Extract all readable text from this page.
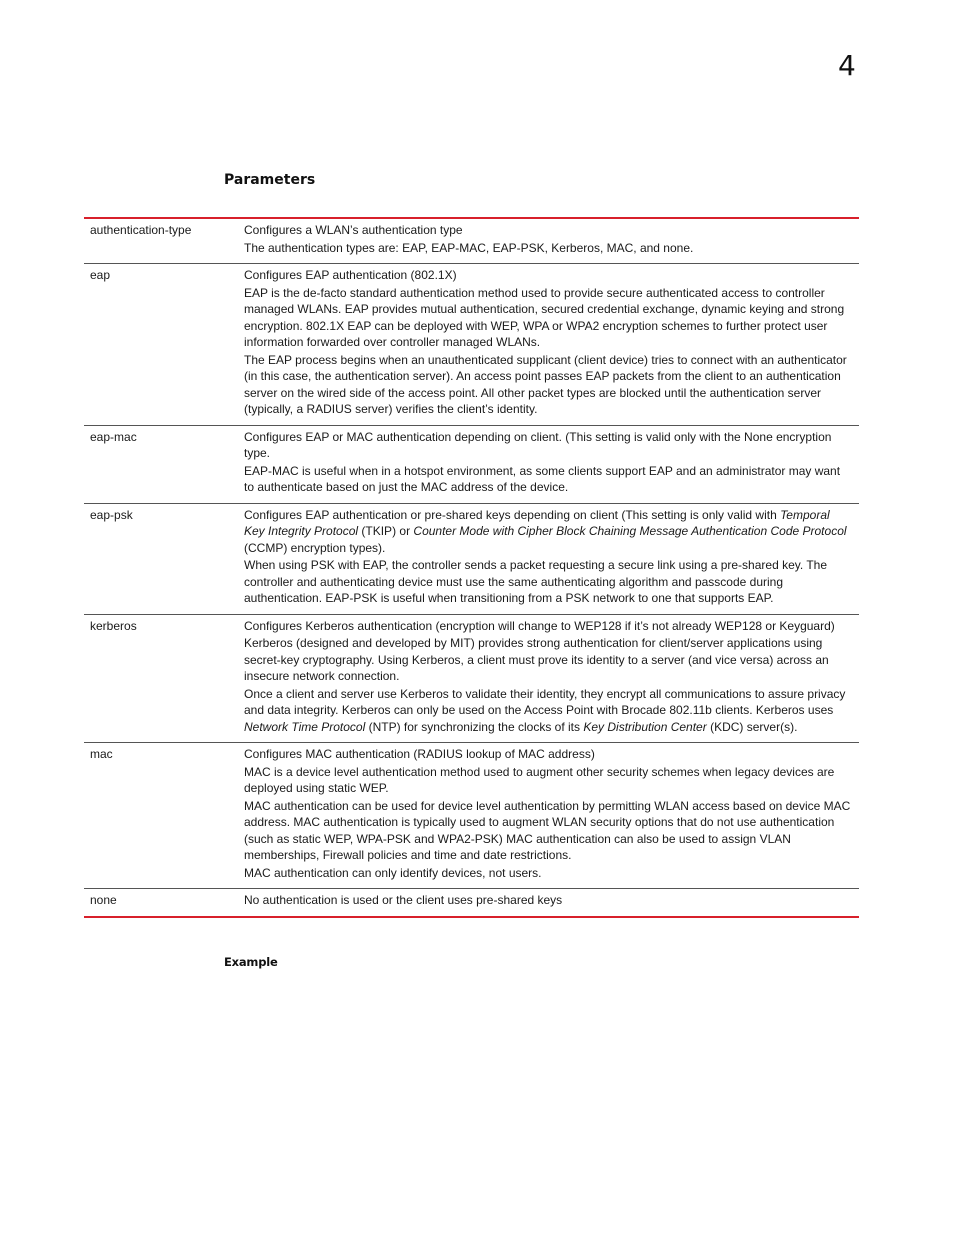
4
Parameters
authentication-type	Configures a WLAN’s authentication type

The authentication types are: EAP, EAP-MAC, EAP-PSK, Kerberos, MAC, and none.

eap	Configures EAP authentication (802.1X)

EAP is the de-facto standard authentication method used to provide secure authenticated access to controller managed WLANs. EAP provides mutual authentication, secured credential exchange, dynamic keying and strong encryption. 802.1X EAP can be deployed with WEP, WPA or WPA2 encryption schemes to further protect user information forwarded over controller managed WLANs.

The EAP process begins when an unauthenticated supplicant (client device) tries to connect with an authenticator (in this case, the authentication server). An access point passes EAP packets from the client to an authentication server on the wired side of the access point. All other packet types are blocked until the authentication server (typically, a RADIUS server) verifies the client’s identity.

eap-mac	Configures EAP or MAC authentication depending on client. (This setting is valid only with the None encryption type.

EAP-MAC is useful when in a hotspot environment, as some clients support EAP and an administrator may want to authenticate based on just the MAC address of the device.

eap-psk	Configures EAP authentication or pre-shared keys depending on client (This setting is only valid with Temporal Key Integrity Protocol (TKIP) or Counter Mode with Cipher Block Chaining Message Authentication Code Protocol (CCMP) encryption types).

When using PSK with EAP, the controller sends a packet requesting a secure link using a pre-shared key. The controller and authenticating device must use the same authenticating algorithm and passcode during authentication. EAP-PSK is useful when transitioning from a PSK network to one that supports EAP.

kerberos	Configures Kerberos authentication (encryption will change to WEP128 if it’s not already WEP128 or Keyguard)

Kerberos (designed and developed by MIT) provides strong authentication for client/server applications using secret-key cryptography. Using Kerberos, a client must prove its identity to a server (and vice versa) across an insecure network connection.

Once a client and server use Kerberos to validate their identity, they encrypt all communications to assure privacy and data integrity. Kerberos can only be used on the Access Point with Brocade 802.11b clients. Kerberos uses Network Time Protocol (NTP) for synchronizing the clocks of its Key Distribution Center (KDC) server(s).

mac	Configures MAC authentication (RADIUS lookup of MAC address)

MAC is a device level authentication method used to augment other security schemes when legacy devices are deployed using static WEP.

MAC authentication can be used for device level authentication by permitting WLAN access based on device MAC address. MAC authentication is typically used to augment WLAN security options that do not use authentication (such as static WEP, WPA-PSK and WPA2-PSK) MAC authentication can also be used to assign VLAN memberships, Firewall policies and time and date restrictions.

MAC authentication can only identify devices, not users.

none	No authentication is used or the client uses pre-shared keys

Example
